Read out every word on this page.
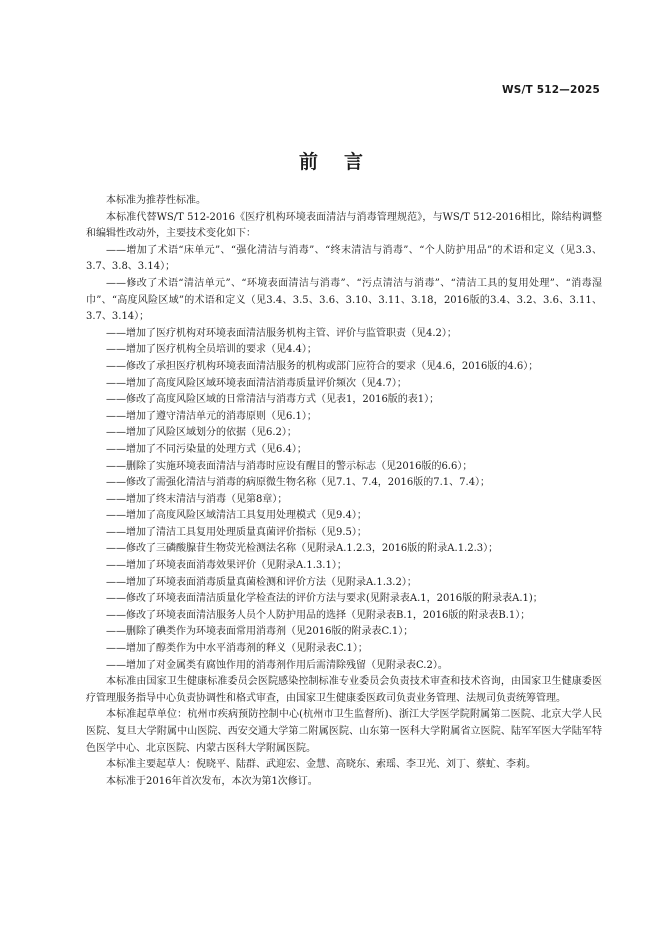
WS/T 512—2025
前言

本标准为推荐性标准。

本标准代替WS/T 512-2016《医疗机构环境表面清洁与消毒管理规范》，与WS/T 512-2016相比，除结构调整和编辑性改动外，主要技术变化如下：

——增加了术语“床单元”、“强化清洁与消毒”、“终末清洁与消毒”、“个人防护用品”的术语和定义（见3.3、3.7、3.8、3.14）；

——修改了术语“清洁单元”、“环境表面清洁与消毒”、“污点清洁与消毒”、“清洁工具的复用处理”、“消毒湿巾”、“高度风险区域”的术语和定义（见3.4、3.5、3.6、3.10、3.11、3.18，2016版的3.4、3.2、3.6、3.11、3.7、3.14）；

——增加了医疗机构对环境表面清洁服务机构主管、评价与监管职责（见4.2）；

——增加了医疗机构全员培训的要求（见4.4）；

——修改了承担医疗机构环境表面清洁服务的机构或部门应符合的要求（见4.6，2016版的4.6）；

——增加了高度风险区域环境表面清洁消毒质量评价频次（见4.7）；

——修改了高度风险区域的日常清洁与消毒方式（见表1，2016版的表1）；

——增加了遵守清洁单元的消毒原则（见6.1）；

——增加了风险区域划分的依据（见6.2）；

——增加了不同污染量的处理方式（见6.4）；

——删除了实施环境表面清洁与消毒时应设有醒目的警示标志（见2016版的6.6）；

——修改了需强化清洁与消毒的病原微生物名称（见7.1、7.4，2016版的7.1、7.4）；

——增加了终末清洁与消毒（见第8章）；

——增加了高度风险区域清洁工具复用处理模式（见9.4）；

——增加了清洁工具复用处理质量真菌评价指标（见9.5）；

——修改了三磷酸腺苷生物荧光检测法名称（见附录A.1.2.3，2016版的附录A.1.2.3）；

——增加了环境表面消毒效果评价（见附录A.1.3.1）；

——增加了环境表面消毒质量真菌检测和评价方法（见附录A.1.3.2）；

——修改了环境表面清洁质量化学检查法的评价方法与要求(见附录表A.1，2016版的附录表A.1)；

——修改了环境表面清洁服务人员个人防护用品的选择（见附录表B.1，2016版的附录表B.1）；

——删除了碘类作为环境表面常用消毒剂（见2016版的附录表C.1）；

——增加了醇类作为中水平消毒剂的释义（见附录表C.1）；

——增加了对金属类有腐蚀作用的消毒剂作用后需清除残留（见附录表C.2）。

本标准由国家卫生健康标准委员会医院感染控制标准专业委员会负责技术审查和技术咨询，由国家卫生健康委医疗管理服务指导中心负责协调性和格式审查，由国家卫生健康委医政司负责业务管理、法规司负责统筹管理。

本标准起草单位：杭州市疾病预防控制中心(杭州市卫生监督所)、浙江大学医学院附属第二医院、北京大学人民医院、复旦大学附属中山医院、西安交通大学第二附属医院、山东第一医科大学附属省立医院、陆军军医大学陆军特色医学中心、北京医院、内蒙古医科大学附属医院。

本标准主要起草人：倪晓平、陆群、武迎宏、金慧、高晓东、索瑶、李卫光、刘丁、蔡虻、李莉。

本标准于2016年首次发布，本次为第1次修订。
